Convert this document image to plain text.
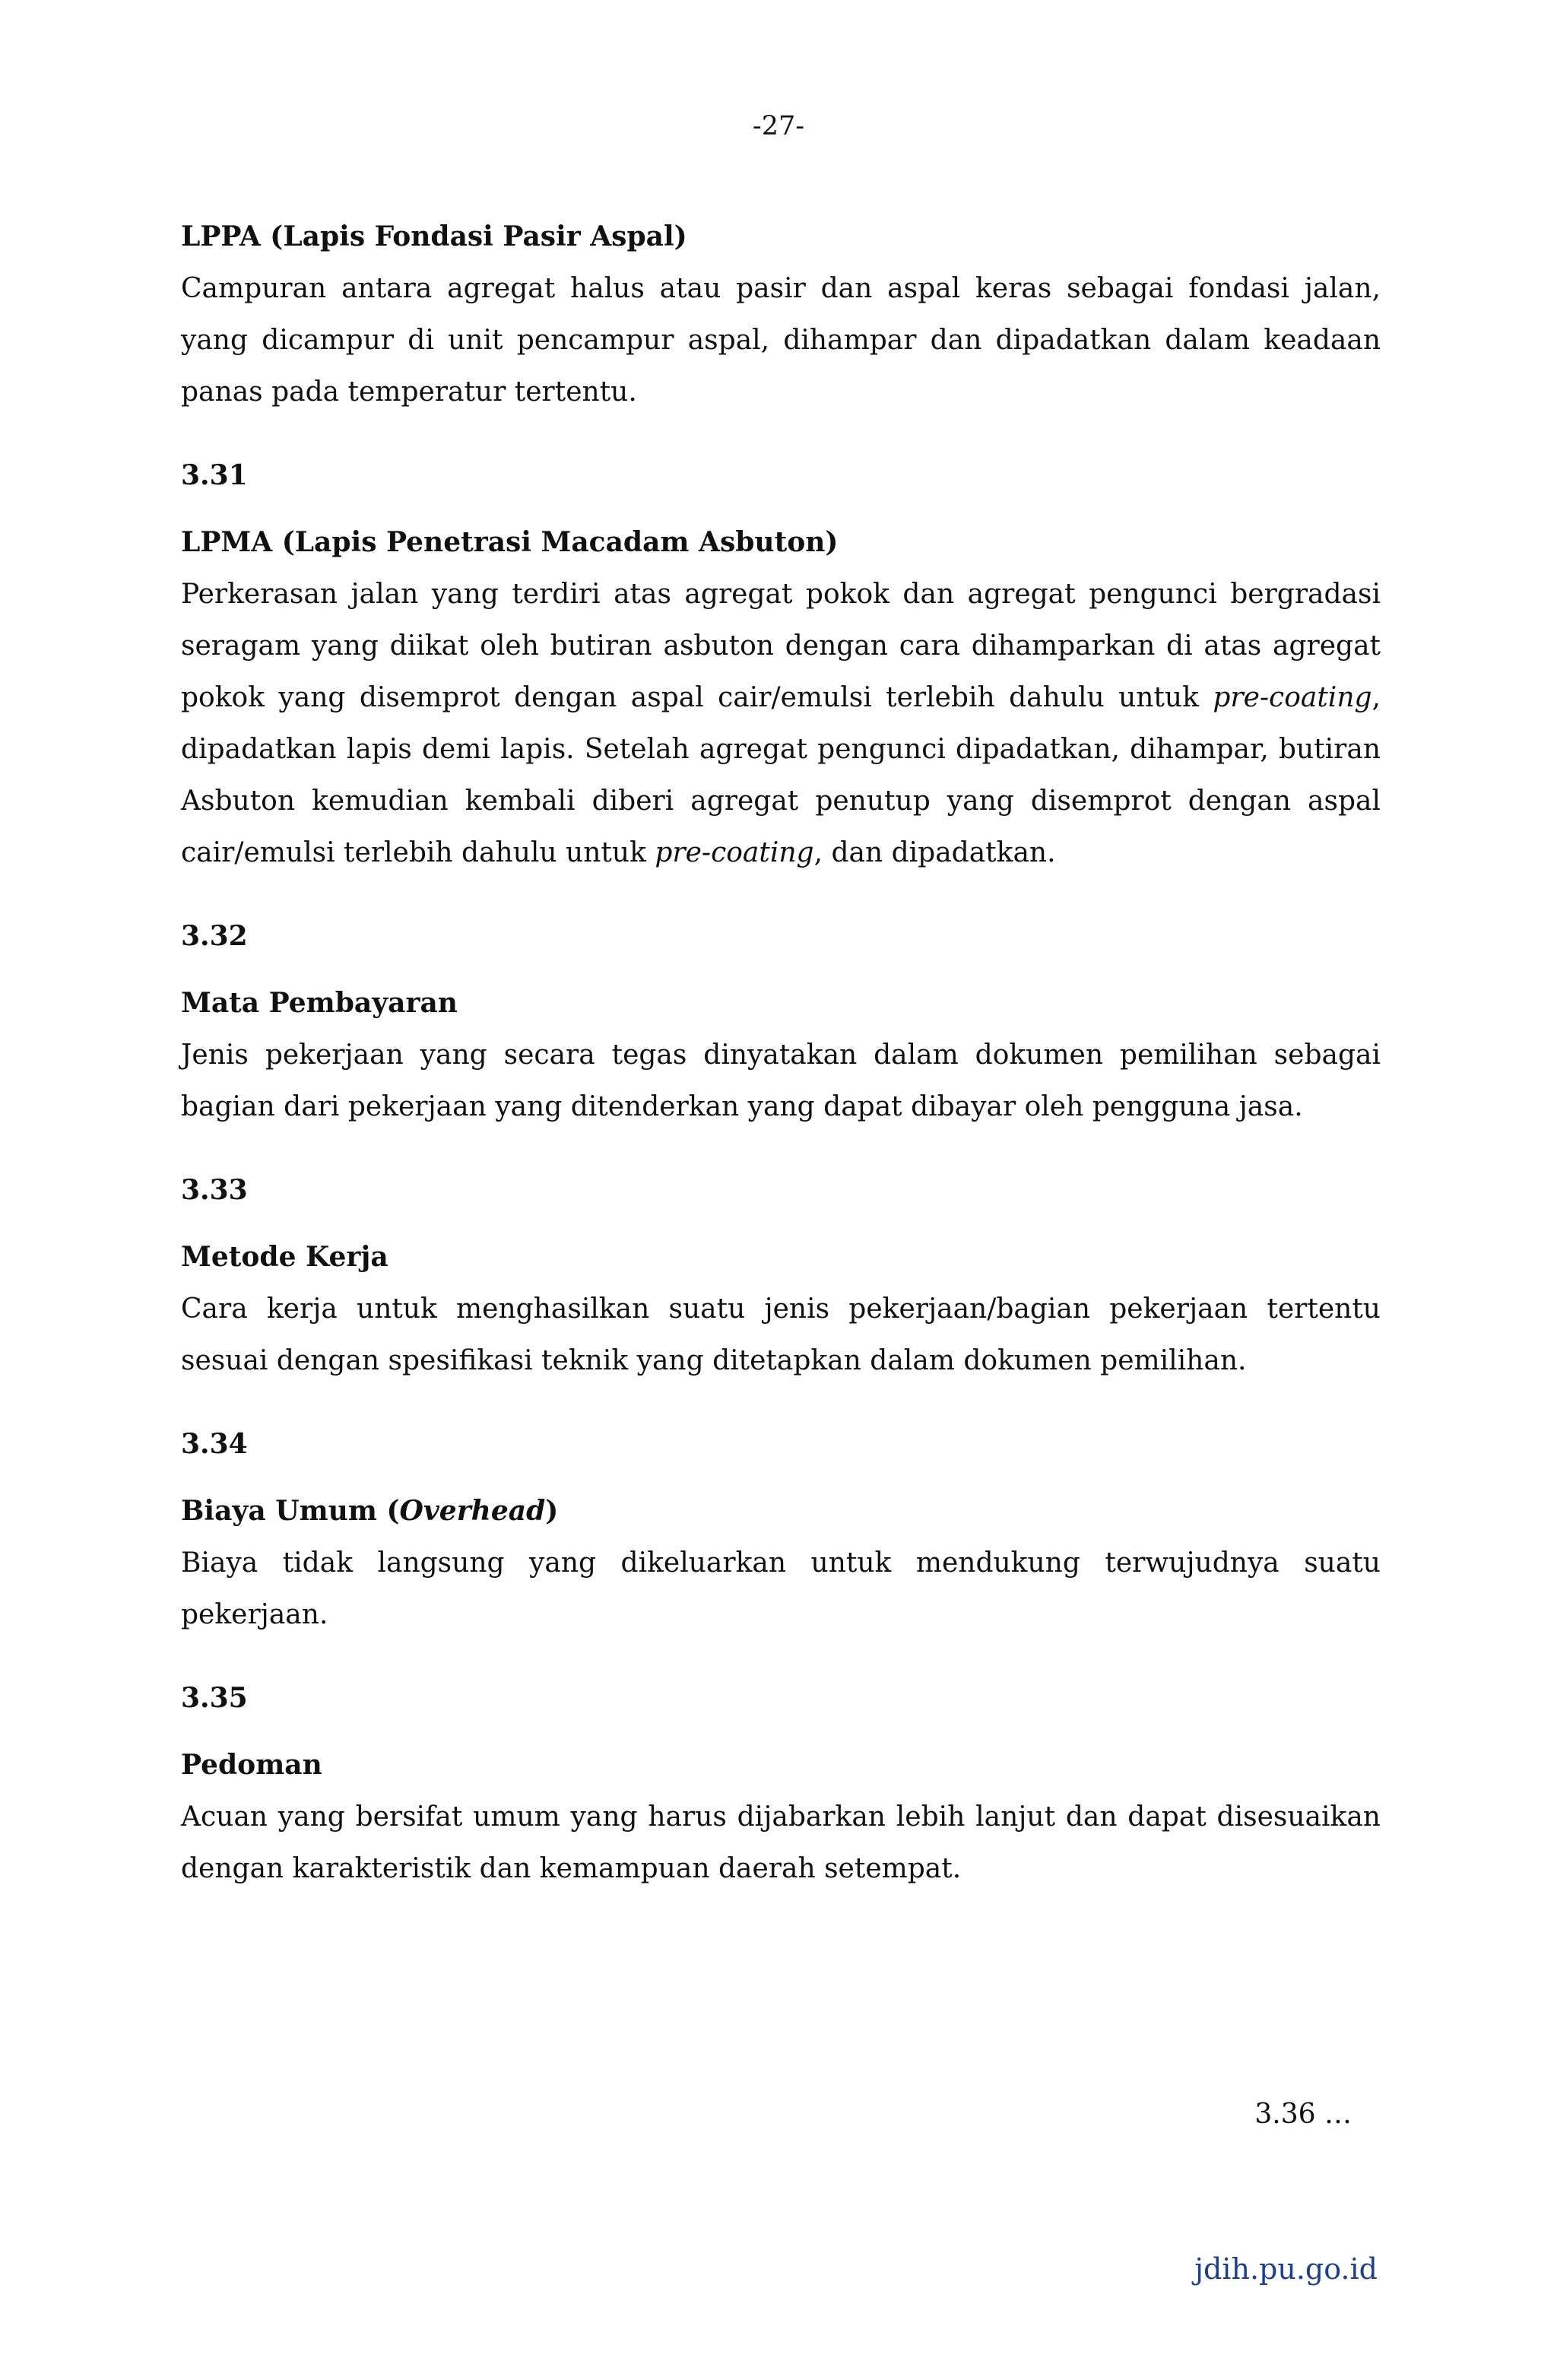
-27-

LPPA (Lapis Fondasi Pasir Aspal)

Campuran antara agregat halus atau pasir dan aspal keras sebagai fondasi jalan, yang dicampur di unit pencampur aspal, dihampar dan dipadatkan dalam keadaan panas pada temperatur tertentu.

3.31

LPMA (Lapis Penetrasi Macadam Asbuton)

Perkerasan jalan yang terdiri atas agregat pokok dan agregat pengunci bergradasi seragam yang diikat oleh butiran asbuton dengan cara dihamparkan di atas agregat pokok yang disemprot dengan aspal cair/emulsi terlebih dahulu untuk pre-coating, dipadatkan lapis demi lapis. Setelah agregat pengunci dipadatkan, dihampar, butiran Asbuton kemudian kembali diberi agregat penutup yang disemprot dengan aspal cair/emulsi terlebih dahulu untuk pre-coating, dan dipadatkan.

3.32

Mata Pembayaran

Jenis pekerjaan yang secara tegas dinyatakan dalam dokumen pemilihan sebagai bagian dari pekerjaan yang ditenderkan yang dapat dibayar oleh pengguna jasa.

3.33

Metode Kerja

Cara kerja untuk menghasilkan suatu jenis pekerjaan/bagian pekerjaan tertentu sesuai dengan spesifikasi teknik yang ditetapkan dalam dokumen pemilihan.

3.34

Biaya Umum (Overhead)

Biaya tidak langsung yang dikeluarkan untuk mendukung terwujudnya suatu pekerjaan.

3.35

Pedoman

Acuan yang bersifat umum yang harus dijabarkan lebih lanjut dan dapat disesuaikan dengan karakteristik dan kemampuan daerah setempat.

3.36 …
jdih.pu.go.id
